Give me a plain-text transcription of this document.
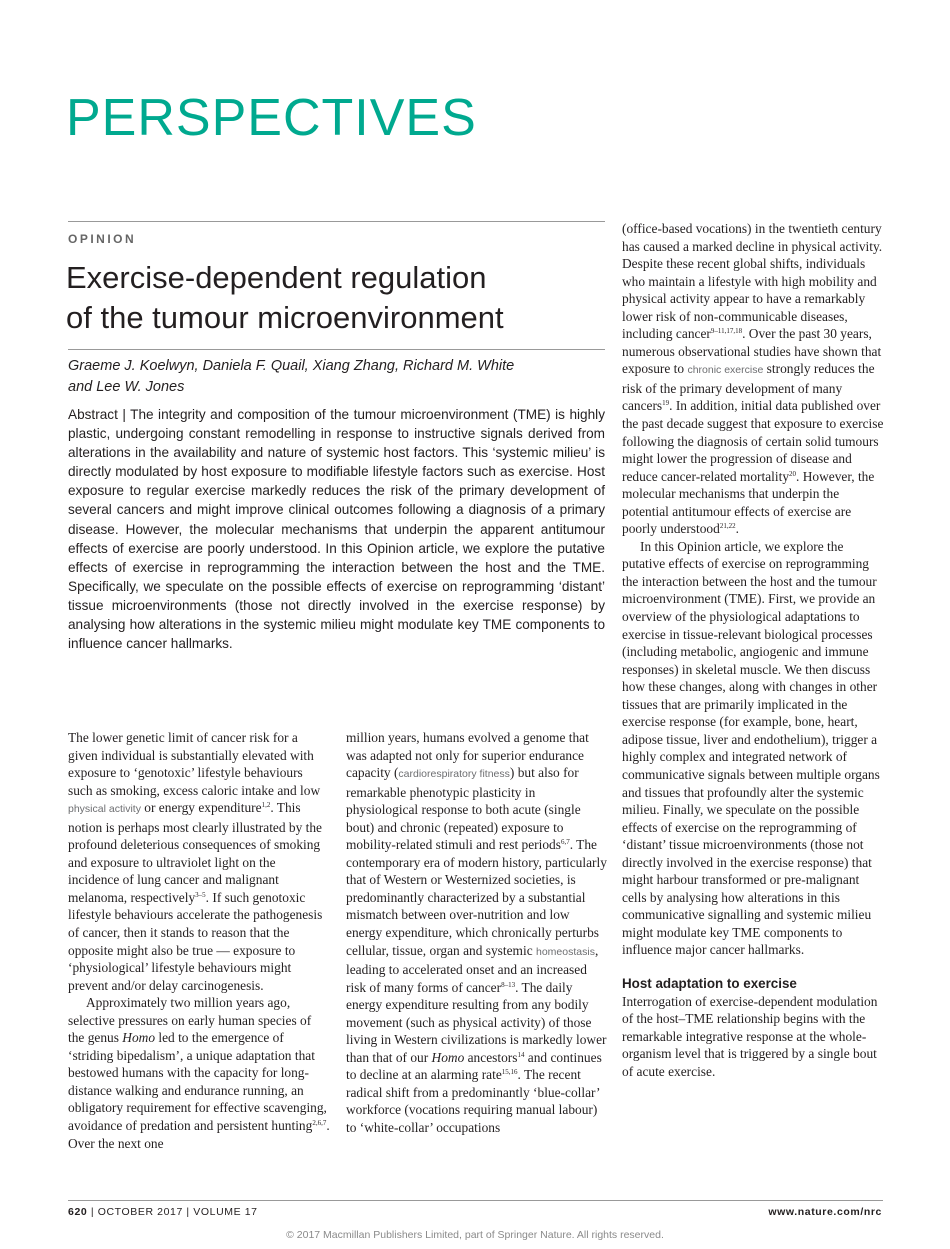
PERSPECTIVES
OPINION
Exercise-dependent regulation
of the tumour microenvironment
Graeme J. Koelwyn, Daniela F. Quail, Xiang Zhang, Richard M. White
and Lee W. Jones

Abstract | The integrity and composition of the tumour microenvironment (TME) is highly plastic, undergoing constant remodelling in response to instructive signals derived from alterations in the availability and nature of systemic host factors. This ‘systemic milieu’ is directly modulated by host exposure to modifiable lifestyle factors such as exercise. Host exposure to regular exercise markedly reduces the risk of the primary development of several cancers and might improve clinical outcomes following a diagnosis of a primary disease. However, the molecular mechanisms that underpin the apparent antitumour effects of exercise are poorly understood. In this Opinion article, we explore the putative effects of exercise in reprogramming the interaction between the host and the TME. Specifically, we speculate on the possible effects of exercise on reprogramming ‘distant’ tissue microenvironments (those not directly involved in the exercise response) by analysing how alterations in the systemic milieu might modulate key TME components to influence cancer hallmarks.

The lower genetic limit of cancer risk for a given individual is substantially elevated with exposure to ‘genotoxic’ lifestyle behaviours such as smoking, excess caloric intake and low physical activity or energy expenditure$^{1,2}$. This notion is perhaps most clearly illustrated by the profound deleterious consequences of smoking and exposure to ultraviolet light on the incidence of lung cancer and malignant melanoma, respectively$^{3-5}$. If such genotoxic lifestyle behaviours accelerate the pathogenesis of cancer, then it stands to reason that the opposite might also be true — exposure to ‘physiological’ lifestyle behaviours might prevent and/or delay carcinogenesis.

Approximately two million years ago, selective pressures on early human species of the genus Homo led to the emergence of ‘striding bipedalism’, a unique adaptation that bestowed humans with the capacity for long-distance walking and endurance running, an obligatory requirement for effective scavenging, avoidance of predation and persistent hunting$^{2,6,7}$. Over the next one

million years, humans evolved a genome that was adapted not only for superior endurance capacity (cardiorespiratory fitness) but also for remarkable phenotypic plasticity in physiological response to both acute (single bout) and chronic (repeated) exposure to mobility-related stimuli and rest periods$^{6,7}$. The contemporary era of modern history, particularly that of Western or Westernized societies, is predominantly characterized by a substantial mismatch between over-nutrition and low energy expenditure, which chronically perturbs cellular, tissue, organ and systemic homeostasis, leading to accelerated onset and an increased risk of many forms of cancer$^{8-13}$. The daily energy expenditure resulting from any bodily movement (such as physical activity) of those living in Western civilizations is markedly lower than that of our Homo ancestors$^{14}$ and continues to decline at an alarming rate$^{15,16}$. The recent radical shift from a predominantly ‘blue-collar’ workforce (vocations requiring manual labour) to ‘white-collar’ occupations

(office-based vocations) in the twentieth century has caused a marked decline in physical activity. Despite these recent global shifts, individuals who maintain a lifestyle with high mobility and physical activity appear to have a remarkably lower risk of non-communicable diseases, including cancer$^{9-11,17,18}$. Over the past 30 years, numerous observational studies have shown that exposure to chronic exercise strongly reduces the risk of the primary development of many cancers$^{19}$. In addition, initial data published over the past decade suggest that exposure to exercise following the diagnosis of certain solid tumours might lower the progression of disease and reduce cancer-related mortality$^{20}$. However, the molecular mechanisms that underpin the potential antitumour effects of exercise are poorly understood$^{21,22}$.

In this Opinion article, we explore the putative effects of exercise on reprogramming the interaction between the host and the tumour microenvironment (TME). First, we provide an overview of the physiological adaptations to exercise in tissue-relevant biological processes (including metabolic, angiogenic and immune responses) in skeletal muscle. We then discuss how these changes, along with changes in other tissues that are primarily implicated in the exercise response (for example, bone, heart, adipose tissue, liver and endothelium), trigger a highly complex and integrated network of communicative signals between multiple organs and tissues that profoundly alter the systemic milieu. Finally, we speculate on the possible effects of exercise on the reprogramming of ‘distant’ tissue microenvironments (those not directly involved in the exercise response) that might harbour transformed or pre-malignant cells by analysing how alterations in this communicative signalling and systemic milieu might modulate key TME components to influence major cancer hallmarks.

Host adaptation to exercise

Interrogation of exercise-dependent modulation of the host–TME relationship begins with the remarkable integrative response at the whole-organism level that is triggered by a single bout of acute exercise.

620 | OCTOBER 2017 | VOLUME 17	www.nature.com/nrc
© 2017 Macmillan Publishers Limited, part of Springer Nature. All rights reserved.
